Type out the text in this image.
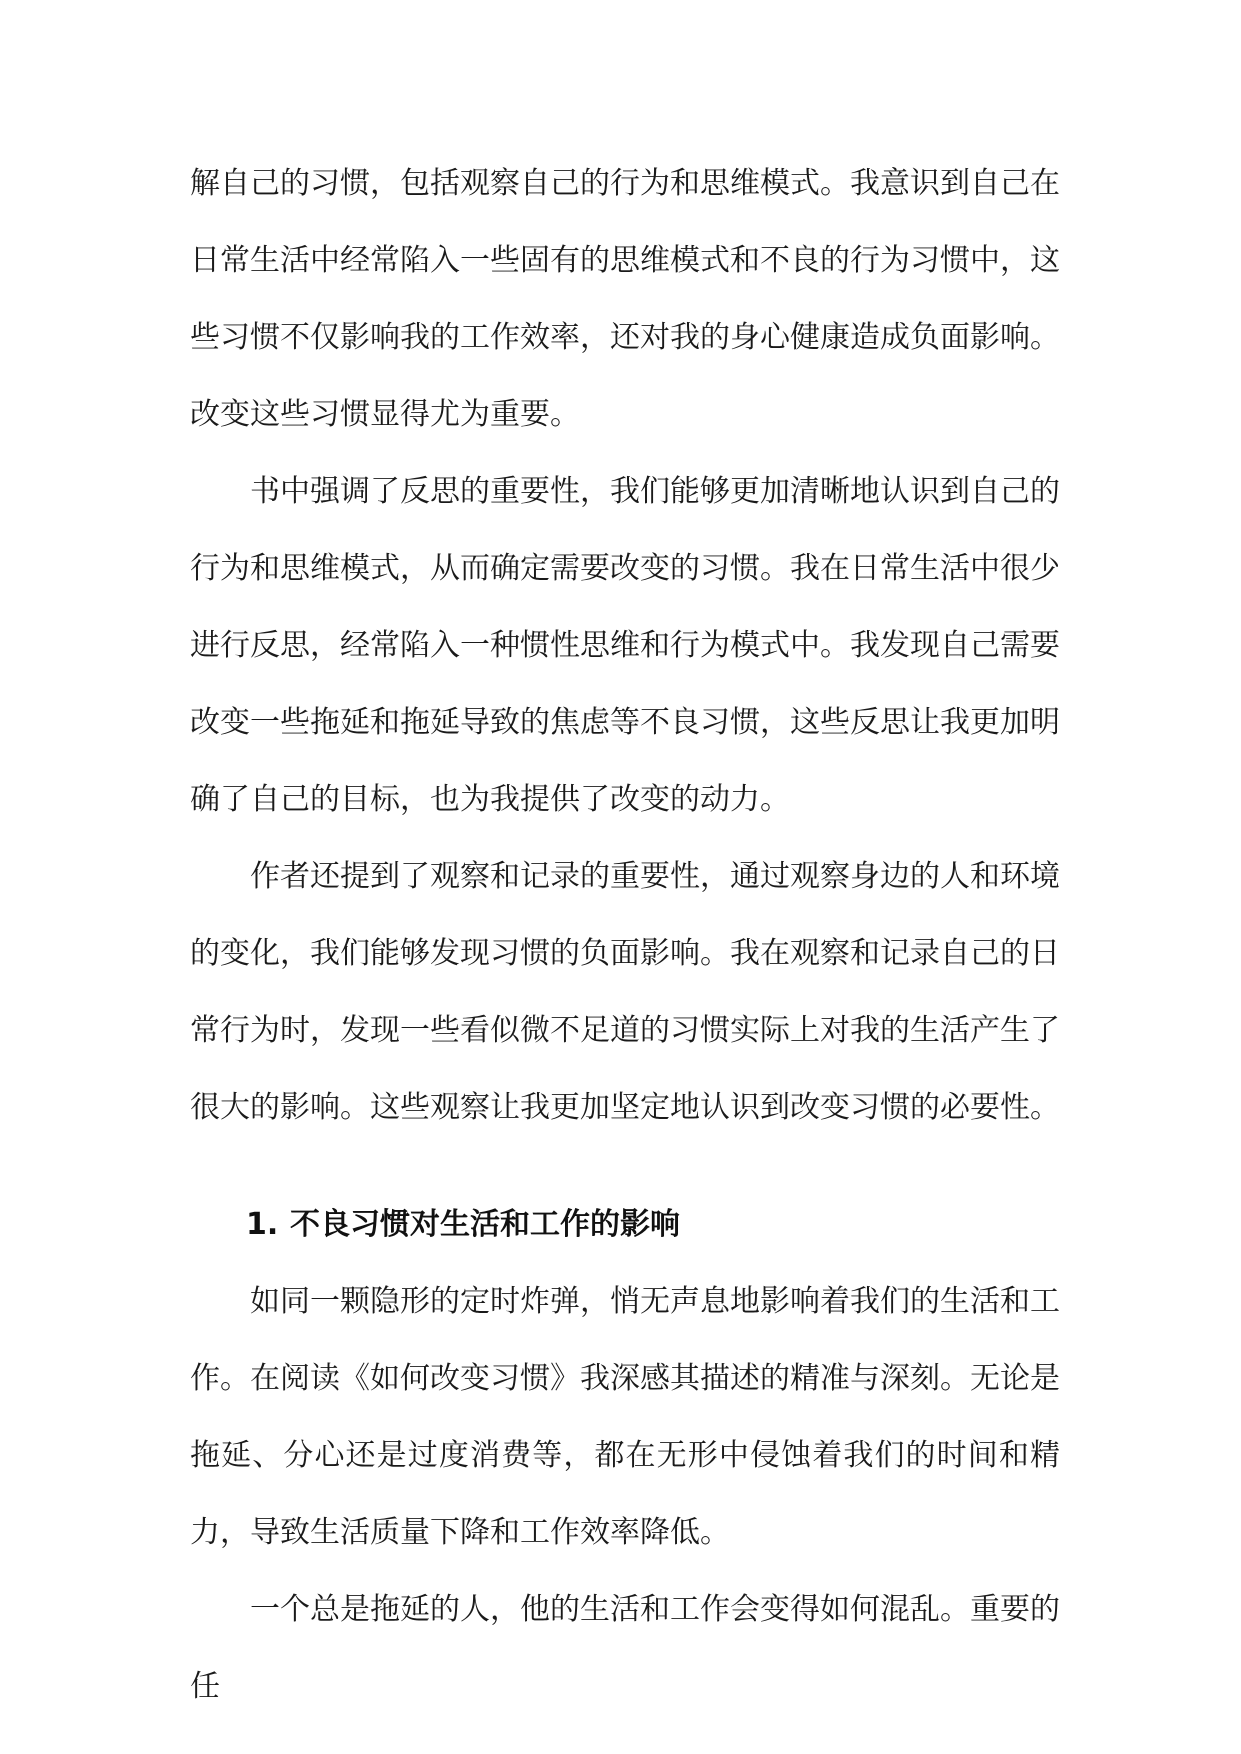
解自己的习惯，包括观察自己的行为和思维模式。我意识到自己在日常生活中经常陷入一些固有的思维模式和不良的行为习惯中，这些习惯不仅影响我的工作效率，还对我的身心健康造成负面影响。改变这些习惯显得尤为重要。

书中强调了反思的重要性，我们能够更加清晰地认识到自己的行为和思维模式，从而确定需要改变的习惯。我在日常生活中很少进行反思，经常陷入一种惯性思维和行为模式中。我发现自己需要改变一些拖延和拖延导致的焦虑等不良习惯，这些反思让我更加明确了自己的目标，也为我提供了改变的动力。

作者还提到了观察和记录的重要性，通过观察身边的人和环境的变化，我们能够发现习惯的负面影响。我在观察和记录自己的日常行为时，发现一些看似微不足道的习惯实际上对我的生活产生了很大的影响。这些观察让我更加坚定地认识到改变习惯的必要性。

1. 不良习惯对生活和工作的影响

如同一颗隐形的定时炸弹，悄无声息地影响着我们的生活和工作。在阅读《如何改变习惯》我深感其描述的精准与深刻。无论是拖延、分心还是过度消费等，都在无形中侵蚀着我们的时间和精力，导致生活质量下降和工作效率降低。

一个总是拖延的人，他的生活和工作会变得如何混乱。重要的任
